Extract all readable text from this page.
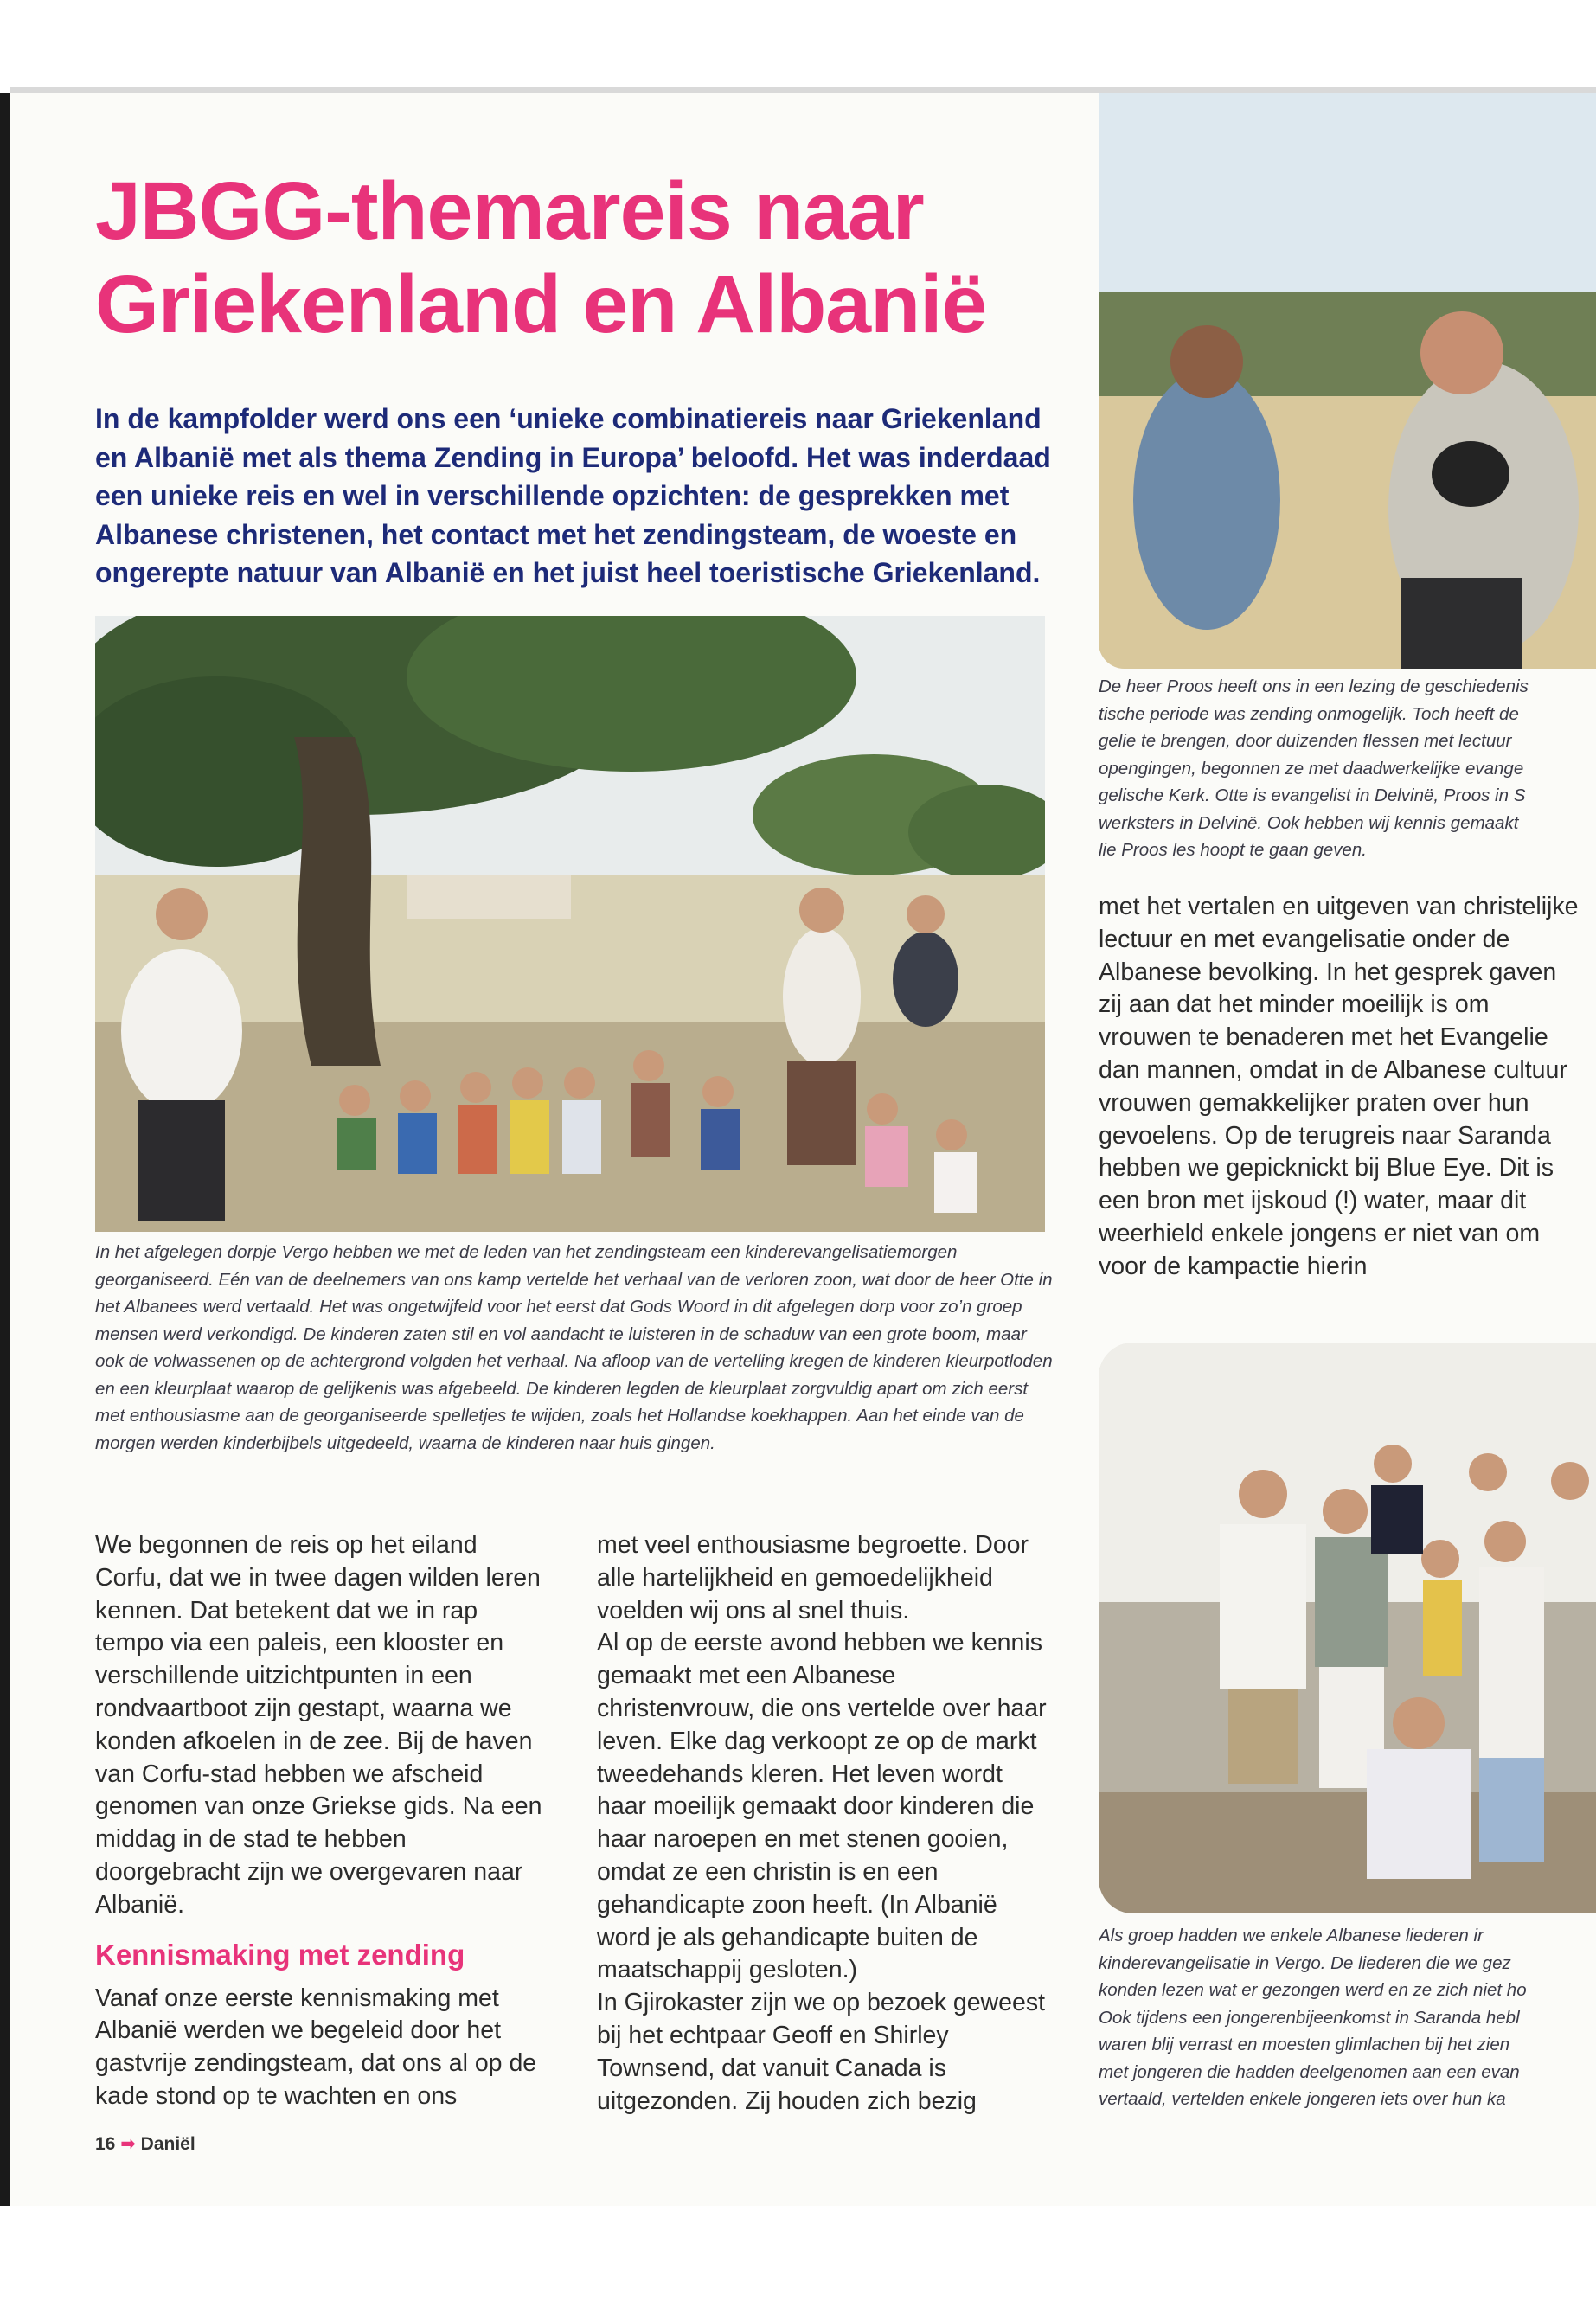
JBGG-themareis naar Griekenland en Albanië

In de kampfolder werd ons een ‘unieke combinatiereis naar Griekenland en Albanië met als thema Zending in Europa’ beloofd. Het was inderdaad een unieke reis en wel in verschillende opzichten: de gesprekken met Albanese christenen, het contact met het zendingsteam, de woeste en ongerepte natuur van Albanië en het juist heel toeristische Griekenland.

In het afgelegen dorpje Vergo hebben we met de leden van het zendingsteam een kinderevangelisatiemorgen georganiseerd. Eén van de deelnemers van ons kamp vertelde het verhaal van de verloren zoon, wat door de heer Otte in het Albanees werd vertaald. Het was ongetwijfeld voor het eerst dat Gods Woord in dit afgelegen dorp voor zo’n groep mensen werd verkondigd. De kinderen zaten stil en vol aandacht te luisteren in de schaduw van een grote boom, maar ook de volwassenen op de achtergrond volgden het verhaal. Na afloop van de vertelling kregen de kinderen kleurpotloden en een kleurplaat waarop de gelijkenis was afgebeeld. De kinderen legden de kleurplaat zorgvuldig apart om zich eerst met enthousiasme aan de georganiseerde spelletjes te wijden, zoals het Hollandse koekhappen. Aan het einde van de morgen werden kinderbijbels uitgedeeld, waarna de kinderen naar huis gingen.

De heer Proos heeft ons in een lezing de geschiedenis
tische periode was zending onmogelijk. Toch heeft de
gelie te brengen, door duizenden flessen met lectuur
opengingen, begonnen ze met daadwerkelijke evange
gelische Kerk. Otte is evangelist in Delvinë, Proos in S
werksters in Delvinë. Ook hebben wij kennis gemaakt
lie Proos les hoopt te gaan geven.
Als groep hadden we enkele Albanese liederen ir
kinderevangelisatie in Vergo. De liederen die we gez
konden lezen wat er gezongen werd en ze zich niet ho
Ook tijdens een jongerenbijeenkomst in Saranda hebl
waren blij verrast en moesten glimlachen bij het zien
met jongeren die hadden deelgenomen aan een evan
vertaald, vertelden enkele jongeren iets over hun ka

We begonnen de reis op het eiland Corfu, dat we in twee dagen wilden leren kennen. Dat betekent dat we in rap tempo via een paleis, een klooster en verschillende uitzichtpunten in een rondvaartboot zijn gestapt, waarna we konden afkoelen in de zee. Bij de haven van Corfu-stad hebben we afscheid genomen van onze Griekse gids. Na een middag in de stad te hebben doorgebracht zijn we overgevaren naar Albanië.

Kennismaking met zending

Vanaf onze eerste kennismaking met Albanië werden we begeleid door het gastvrije zendingsteam, dat ons al op de kade stond op te wachten en ons

met veel enthousiasme begroette. Door alle hartelijkheid en gemoedelijkheid voelden wij ons al snel thuis.

Al op de eerste avond hebben we kennis gemaakt met een Albanese christenvrouw, die ons vertelde over haar leven. Elke dag verkoopt ze op de markt tweedehands kleren. Het leven wordt haar moeilijk gemaakt door kinderen die haar naroepen en met stenen gooien, omdat ze een christin is en een gehandicapte zoon heeft. (In Albanië word je als gehandicapte buiten de maatschappij gesloten.)

In Gjirokaster zijn we op bezoek geweest bij het echtpaar Geoff en Shirley Townsend, dat vanuit Canada is uitgezonden. Zij houden zich bezig

met het vertalen en uitgeven van christelijke lectuur en met evangelisatie onder de Albanese bevolking. In het gesprek gaven zij aan dat het minder moeilijk is om vrouwen te benaderen met het Evangelie dan mannen, omdat in de Albanese cultuur vrouwen gemakkelijker praten over hun gevoelens. Op de terugreis naar Saranda hebben we gepicknickt bij Blue Eye. Dit is een bron met ijskoud (!) water, maar dit weerhield enkele jongens er niet van om voor de kampactie hierin

16 ➡ Daniël
